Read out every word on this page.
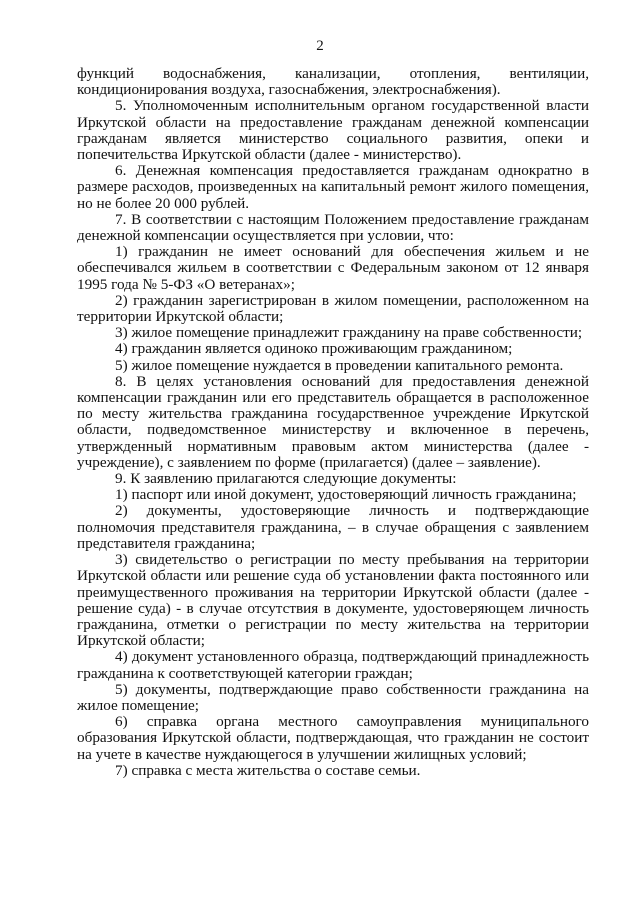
2

функций водоснабжения, канализации, отопления, вентиляции, кондиционирования воздуха, газоснабжения, электроснабжения).

5. Уполномоченным исполнительным органом государственной власти Иркутской области на предоставление гражданам денежной компенсации гражданам является министерство социального развития, опеки и попечительства Иркутской области (далее - министерство).

6. Денежная компенсация предоставляется гражданам однократно в размере расходов, произведенных на капитальный ремонт жилого помещения, но не более 20 000 рублей.

7. В соответствии с настоящим Положением предоставление гражданам денежной компенсации осуществляется при условии, что:

1) гражданин не имеет оснований для обеспечения жильем и не обеспечивался жильем в соответствии с Федеральным законом от 12 января 1995 года № 5-ФЗ «О ветеранах»;

2) гражданин зарегистрирован в жилом помещении, расположенном на территории Иркутской области;

3) жилое помещение принадлежит гражданину на праве собственности;

4) гражданин является одиноко проживающим гражданином;

5) жилое помещение нуждается в проведении капитального ремонта.

8. В целях установления оснований для предоставления денежной компенсации гражданин или его представитель обращается в расположенное по месту жительства гражданина государственное учреждение Иркутской области, подведомственное министерству и включенное в перечень, утвержденный нормативным правовым актом министерства (далее - учреждение), с заявлением по форме (прилагается) (далее – заявление).

9. К заявлению прилагаются следующие документы:

1) паспорт или иной документ, удостоверяющий личность гражданина;

2) документы, удостоверяющие личность и подтверждающие полномочия представителя гражданина, – в случае обращения с заявлением представителя гражданина;

3) свидетельство о регистрации по месту пребывания на территории Иркутской области или решение суда об установлении факта постоянного или преимущественного проживания на территории Иркутской области (далее - решение суда) - в случае отсутствия в документе, удостоверяющем личность гражданина, отметки о регистрации по месту жительства на территории Иркутской области;

4) документ установленного образца, подтверждающий принадлежность гражданина к соответствующей категории граждан;

5) документы, подтверждающие право собственности гражданина на жилое помещение;

6) справка органа местного самоуправления муниципального образования Иркутской области, подтверждающая, что гражданин не состоит на учете в качестве нуждающегося в улучшении жилищных условий;

7) справка с места жительства о составе семьи.
